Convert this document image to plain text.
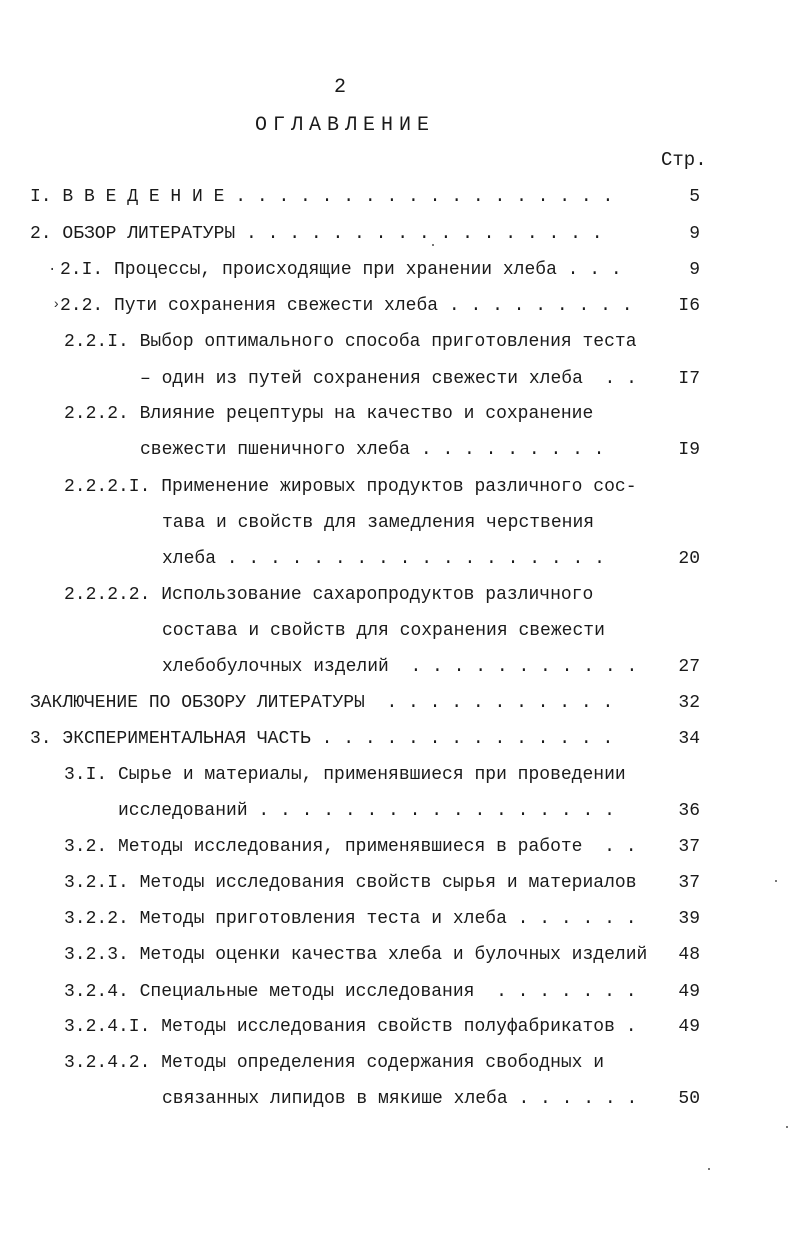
2
ОГЛАВЛЕНИЕ
Стр.
I. В В Е Д Е Н И Е . . . . . . . . . . . . . . . . . .	5
2. ОБЗОР ЛИТЕРАТУРЫ . . . . . . . . . . . . . . . . .	9
· 2.I. Процессы, происходящие при хранении хлеба . . .	9
› 2.2. Пути сохранения свежести хлеба . . . . . . . . .	I6
2.2.I. Выбор оптимального способа приготовления теста
– один из путей сохранения свежести хлеба  . .	I7
2.2.2. Влияние рецептуры на качество и сохранение
свежести пшеничного хлеба . . . . . . . . .	I9
2.2.2.I. Применение жировых продуктов различного сос-
тава и свойств для замедления черствения
хлеба . . . . . . . . . . . . . . . . . .	20
2.2.2.2. Использование сахаропродуктов различного
состава и свойств для сохранения свежести
хлебобулочных изделий  . . . . . . . . . . .	27
ЗАКЛЮЧЕНИЕ ПО ОБЗОРУ ЛИТЕРАТУРЫ  . . . . . . . . . . .	32
3. ЭКСПЕРИМЕНТАЛЬНАЯ ЧАСТЬ . . . . . . . . . . . . . .	34
3.I. Сырье и материалы, применявшиеся при проведении
исследований . . . . . . . . . . . . . . . . .	36
3.2. Методы исследования, применявшиеся в работе  . .	37
3.2.I. Методы исследования свойств сырья и материалов	37
3.2.2. Методы приготовления теста и хлеба . . . . . .	39
3.2.3. Методы оценки качества хлеба и булочных изделий	48
3.2.4. Специальные методы исследования  . . . . . . .	49
3.2.4.I. Методы исследования свойств полуфабрикатов .	49
3.2.4.2. Методы определения содержания свободных и
связанных липидов в мякише хлеба . . . . . .	50
